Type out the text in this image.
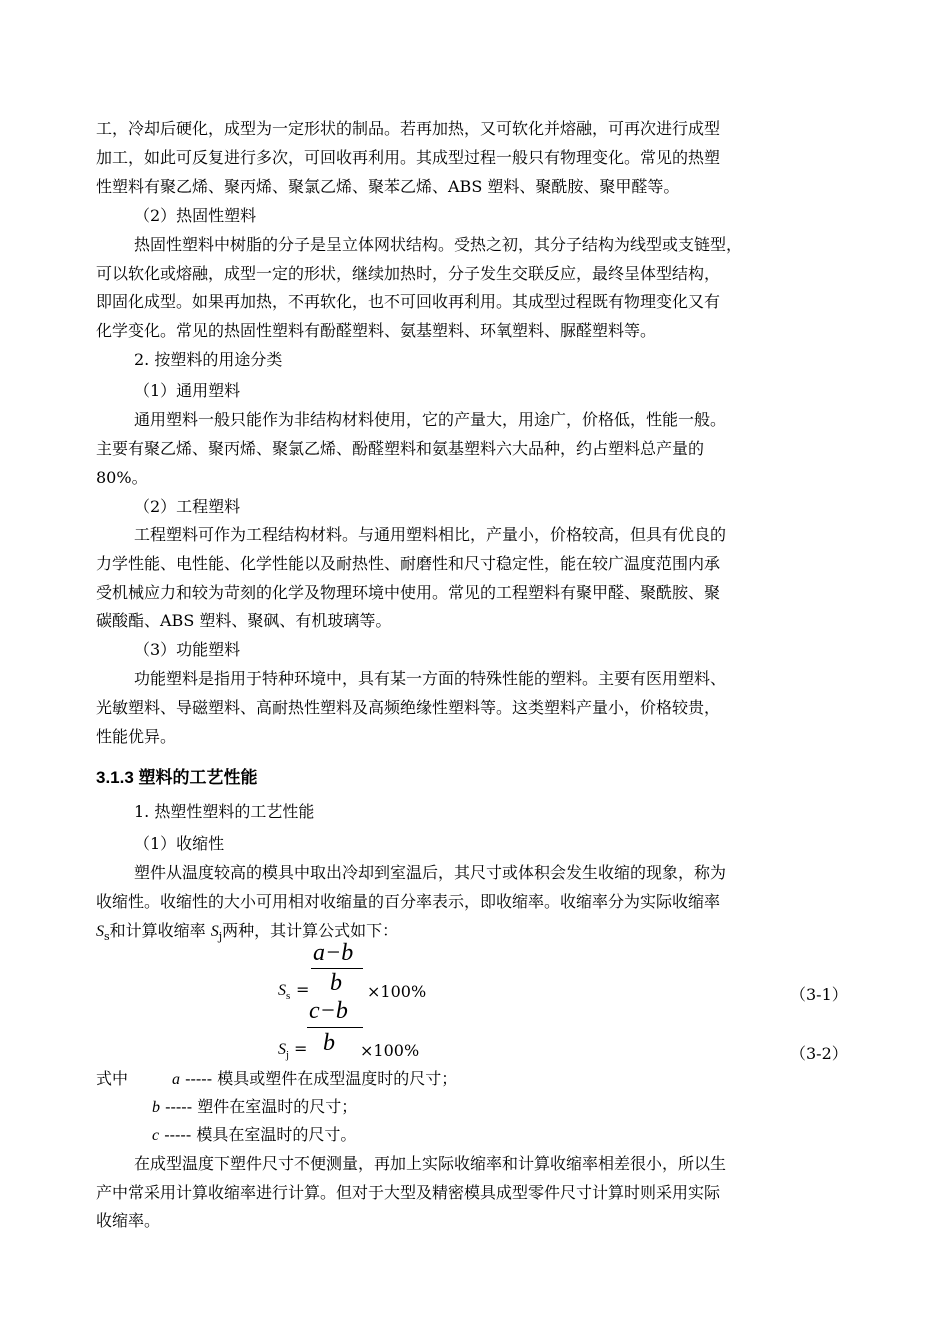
工，冷却后硬化，成型为一定形状的制品。若再加热，又可软化并熔融，可再次进行成型
加工，如此可反复进行多次，可回收再利用。其成型过程一般只有物理变化。常见的热塑
性塑料有聚乙烯、聚丙烯、聚氯乙烯、聚苯乙烯、ABS 塑料、聚酰胺、聚甲醛等。
（2）热固性塑料
热固性塑料中树脂的分子是呈立体网状结构。受热之初，其分子结构为线型或支链型，
可以软化或熔融，成型一定的形状，继续加热时，分子发生交联反应，最终呈体型结构，
即固化成型。如果再加热，不再软化，也不可回收再利用。其成型过程既有物理变化又有
化学变化。常见的热固性塑料有酚醛塑料、氨基塑料、环氧塑料、脲醛塑料等。
2. 按塑料的用途分类
（1）通用塑料
通用塑料一般只能作为非结构材料使用，它的产量大，用途广，价格低，性能一般。
主要有聚乙烯、聚丙烯、聚氯乙烯、酚醛塑料和氨基塑料六大品种，约占塑料总产量的
80%。
（2）工程塑料
工程塑料可作为工程结构材料。与通用塑料相比，产量小，价格较高，但具有优良的
力学性能、电性能、化学性能以及耐热性、耐磨性和尺寸稳定性，能在较广温度范围内承
受机械应力和较为苛刻的化学及物理环境中使用。常见的工程塑料有聚甲醛、聚酰胺、聚
碳酸酯、ABS 塑料、聚砜、有机玻璃等。
（3）功能塑料
功能塑料是指用于特种环境中，具有某一方面的特殊性能的塑料。主要有医用塑料、
光敏塑料、导磁塑料、高耐热性塑料及高频绝缘性塑料等。这类塑料产量小，价格较贵，
性能优异。
3.1.3 塑料的工艺性能
1. 热塑性塑料的工艺性能
（1）收缩性
塑件从温度较高的模具中取出冷却到室温后，其尺寸或体积会发生收缩的现象，称为
收缩性。收缩性的大小可用相对收缩量的百分率表示，即收缩率。收缩率分为实际收缩率
$S_s$和计算收缩率 $S_j$两种，其计算公式如下：
a−b
b
$S_s$ =	×100%	（3-1）
c−b
b
$S_j$ =	×100%	（3-2）
式中	a ----- 模具或塑件在成型温度时的尺寸；
b ----- 塑件在室温时的尺寸；
c ----- 模具在室温时的尺寸。
在成型温度下塑件尺寸不便测量，再加上实际收缩率和计算收缩率相差很小，所以生
产中常采用计算收缩率进行计算。但对于大型及精密模具成型零件尺寸计算时则采用实际
收缩率。
